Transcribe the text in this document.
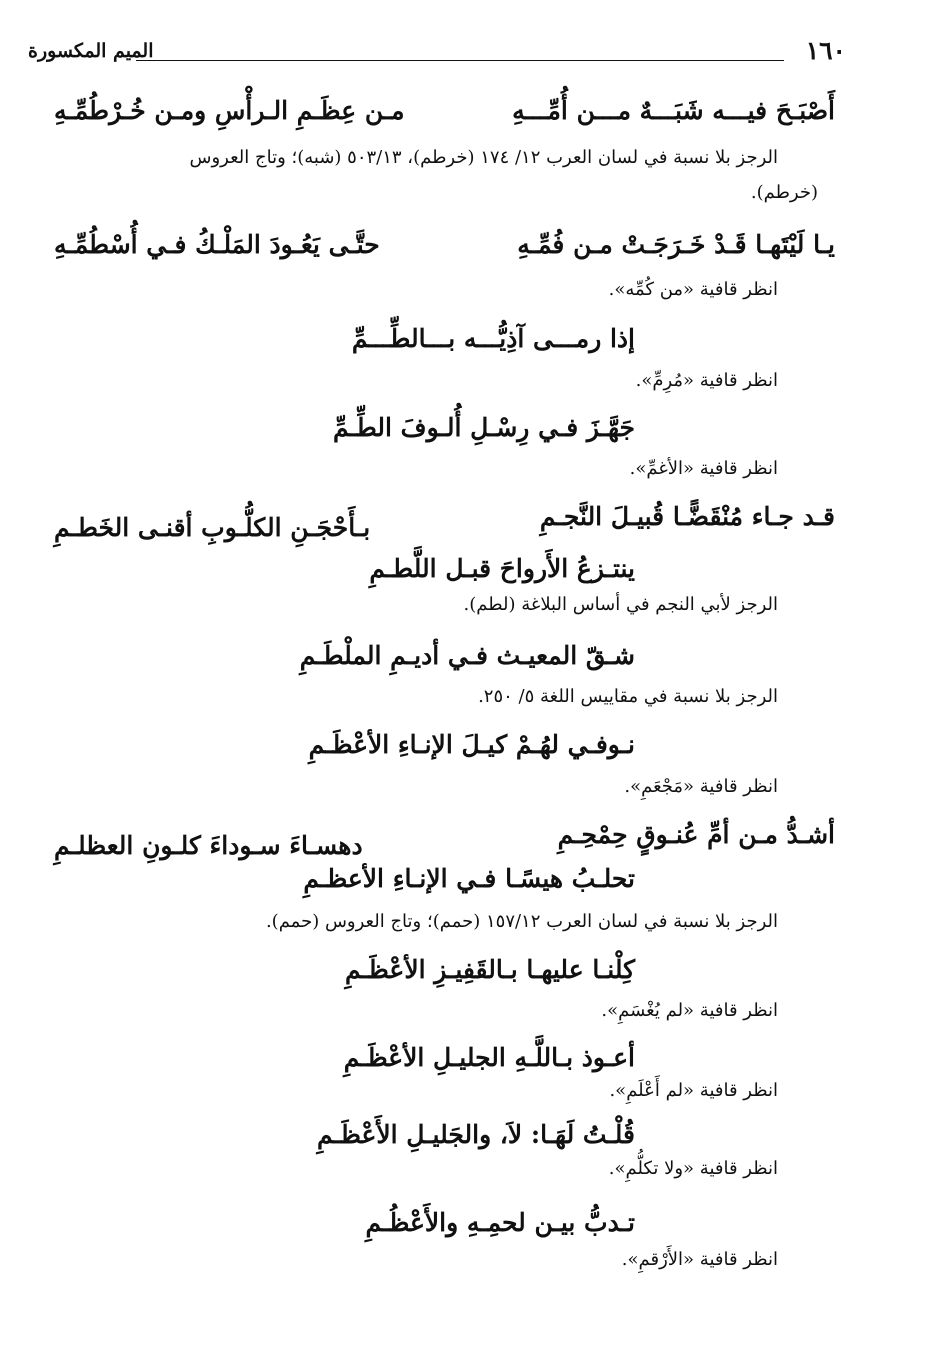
١٦٠
الميم المكسورة
أَصْبَـحَ فيـــه شَبَـــهٌ مـــن أُمِّـــهِ
مـن عِظَـمِ الـرأْسِ ومـن خُـرْطُمِّـهِ
الرجز بلا نسبة في لسان العرب ١٢/ ١٧٤ (خرطم)، ٥٠٣/١٣ (شبه)؛ وتاج العروس
(خرطم).
يـا لَيْتَهـا قَـدْ خَـرَجَـتْ مـن فُمِّـهِ
حتَّـى يَعُـودَ المَلْـكُ فـي أُسْطُمِّـهِ
انظر قافية «من كُمِّه».
إذا رمـــى آذِيُّـــه بـــالطِّـــمِّ
انظر قافية «مُرِمِّ».
جَهَّـزَ فـي رِسْـلِ أُلـوفَ الطِّـمِّ
انظر قافية «الأغمِّ».
قـد جـاء مُنْقَضًّـا قُبيـلَ النَّجـمِ
بـأَحْجَـنِ الكلُّـوبِ أقنـى الخَطـمِ
ينتـزعُ الأَرواحَ قبـل اللَّطـمِ
الرجز لأبي النجم في أساس البلاغة (لطم).
شـقّ المعيـث فـي أديـمِ الملْطَـمِ
الرجز بلا نسبة في مقاييس اللغة ٥/ ٢٥٠.
نـوفـي لهُـمْ كيـلَ الإنـاءِ الأعْظَـمِ
انظر قافية «مَجْعَمِ».
أشـدُّ مـن أمِّ عُنـوقٍ حِمْحِـمِ
دهسـاءَ سـوداءَ كلـونِ العظلـمِ
تحلـبُ هيسًـا فـي الإنـاءِ الأعظـمِ
الرجز بلا نسبة في لسان العرب ١٥٧/١٢ (حمم)؛ وتاج العروس (حمم).
كِلْنـا عليهـا بـالقَفِيـزِ الأعْظَـمِ
انظر قافية «لم يُغْسَمِ».
أعـوذ بـاللَّـهِ الجليـلِ الأعْظَـمِ
انظر قافية «لم أَعْلَمِ».
قُلْـتُ لَهَـا: لاَ، والجَليـلِ الأَعْظَـمِ
انظر قافية «ولا تكلُّمِ».
تـدبُّ بيـن لحمِـهِ والأَعْظُـمِ
انظر قافية «الأَرْقمِ».
